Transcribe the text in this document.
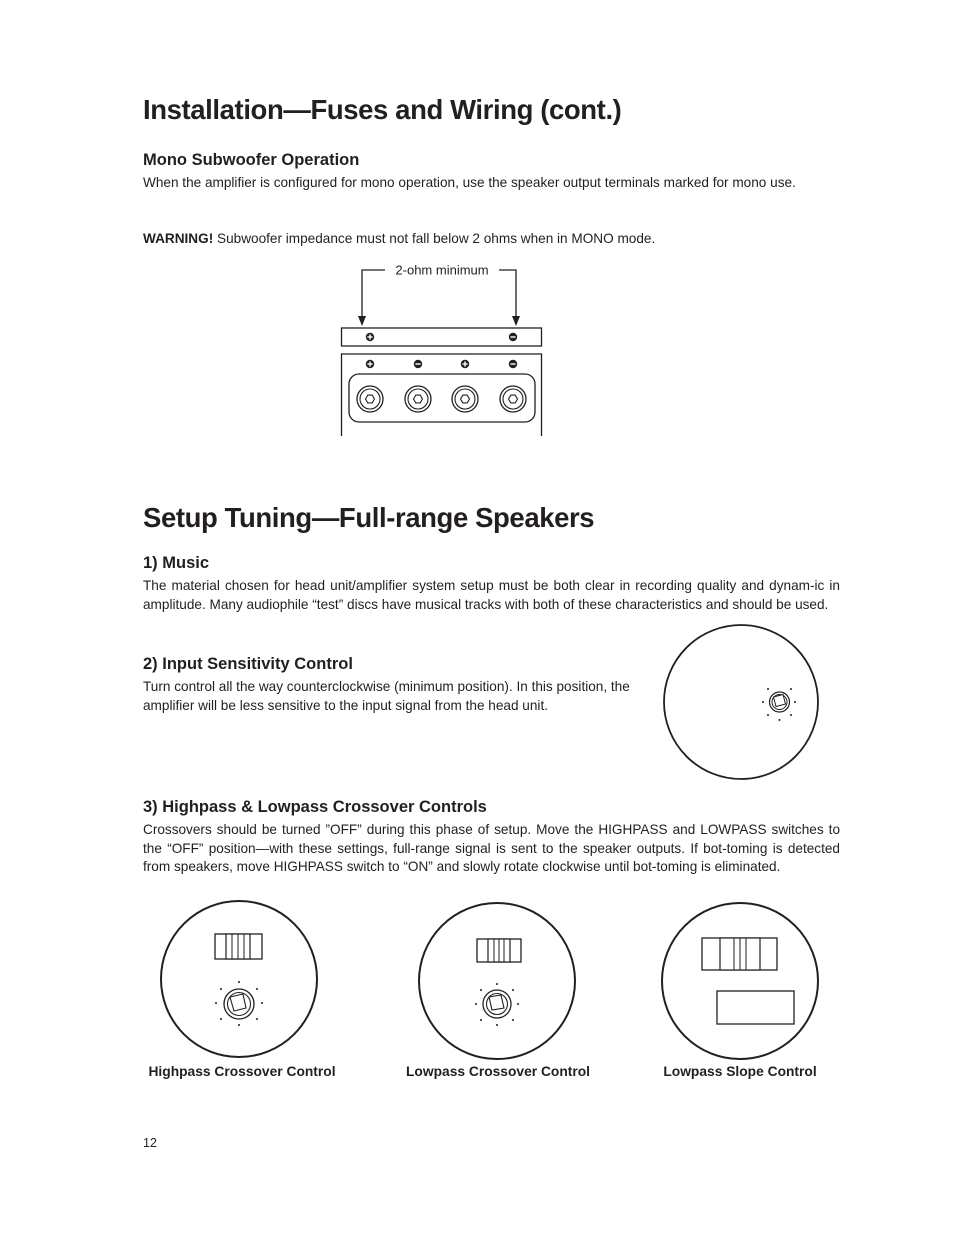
Installation—Fuses and Wiring (cont.)
Mono Subwoofer Operation

When the amplifier is configured for mono operation, use the speaker output terminals marked for mono use.

WARNING! Subwoofer impedance must not fall below 2 ohms when in MONO mode.

2-ohm minimum
Setup Tuning—Full-range Speakers
1) Music

The material chosen for head unit/amplifier system setup must be both clear in recording quality and dynam-ic in amplitude. Many audiophile “test” discs have musical tracks with both of these characteristics and should be used.

2) Input Sensitivity Control

Turn control all the way counterclockwise (minimum position). In this position, the amplifier will be less sensitive to the input signal from the head unit.

3) Highpass & Lowpass Crossover Controls

Crossovers should be turned ”OFF” during this phase of setup. Move the HIGHPASS and LOWPASS switches to the “OFF” position—with these settings, full-range signal is sent to the speaker outputs. If bot-toming is detected from speakers, move HIGHPASS switch to “ON” and slowly rotate clockwise until bot-toming is eliminated.

Highpass Crossover Control	Lowpass Crossover Control	Lowpass Slope Control
12
